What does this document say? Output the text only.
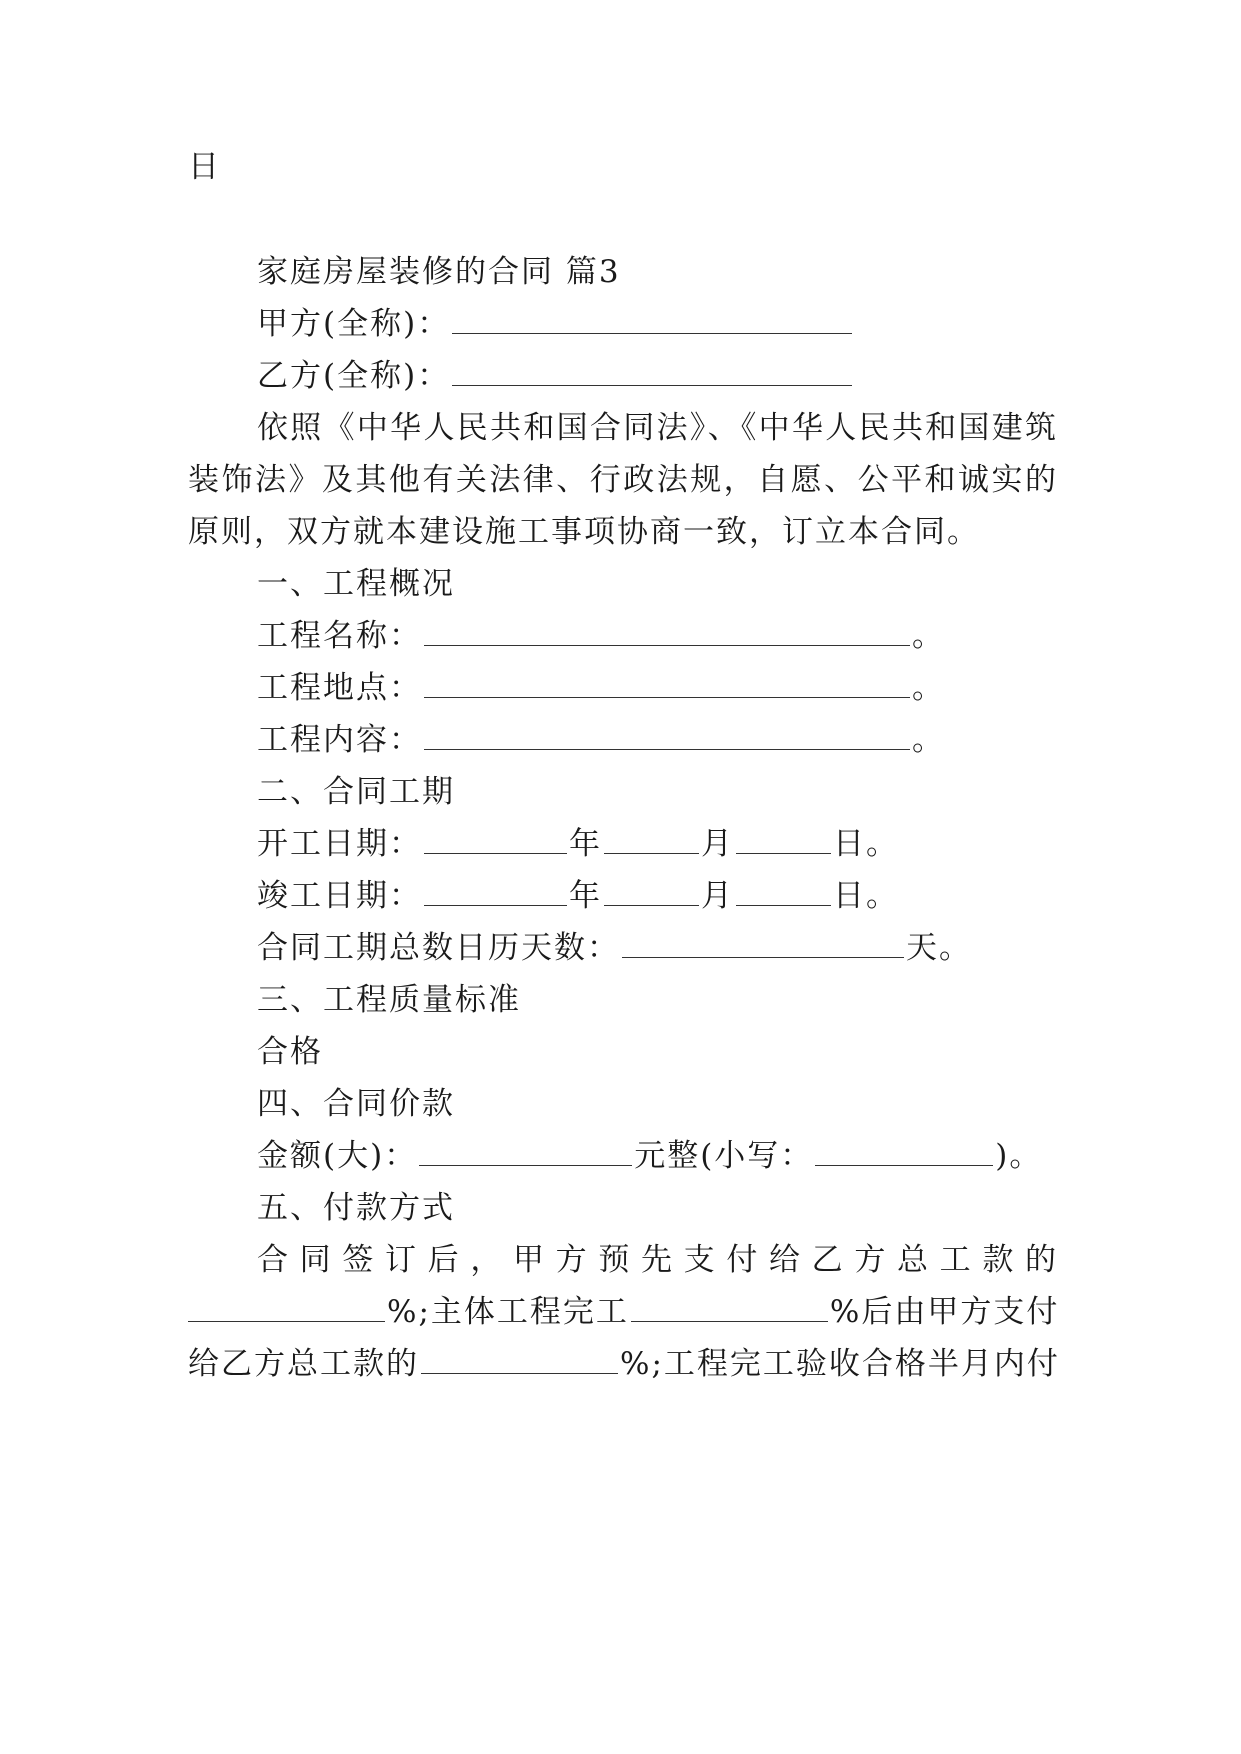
日
家庭房屋装修的合同 篇3
甲方(全称)：
乙方(全称)：
依照《中华人民共和国合同法》、《中华人民共和国建筑
装饰法》及其他有关法律、行政法规，自愿、公平和诚实的
原则，双方就本建设施工事项协商一致，订立本合同。
一、工程概况
工程名称：	。
工程地点：	。
工程内容：	。
二、合同工期
开工日期：	年	月	日。
竣工日期：	年	月	日。
合同工期总数日历天数：	天。
三、工程质量标准
合格
四、合同价款
金额(大)：	元整(小写：	)。
五、付款方式
合同签订后，甲方预先支付给乙方总工款的
%;主体工程完工	%后由甲方支付
给乙方总工款的	%;工程完工验收合格半月内付
